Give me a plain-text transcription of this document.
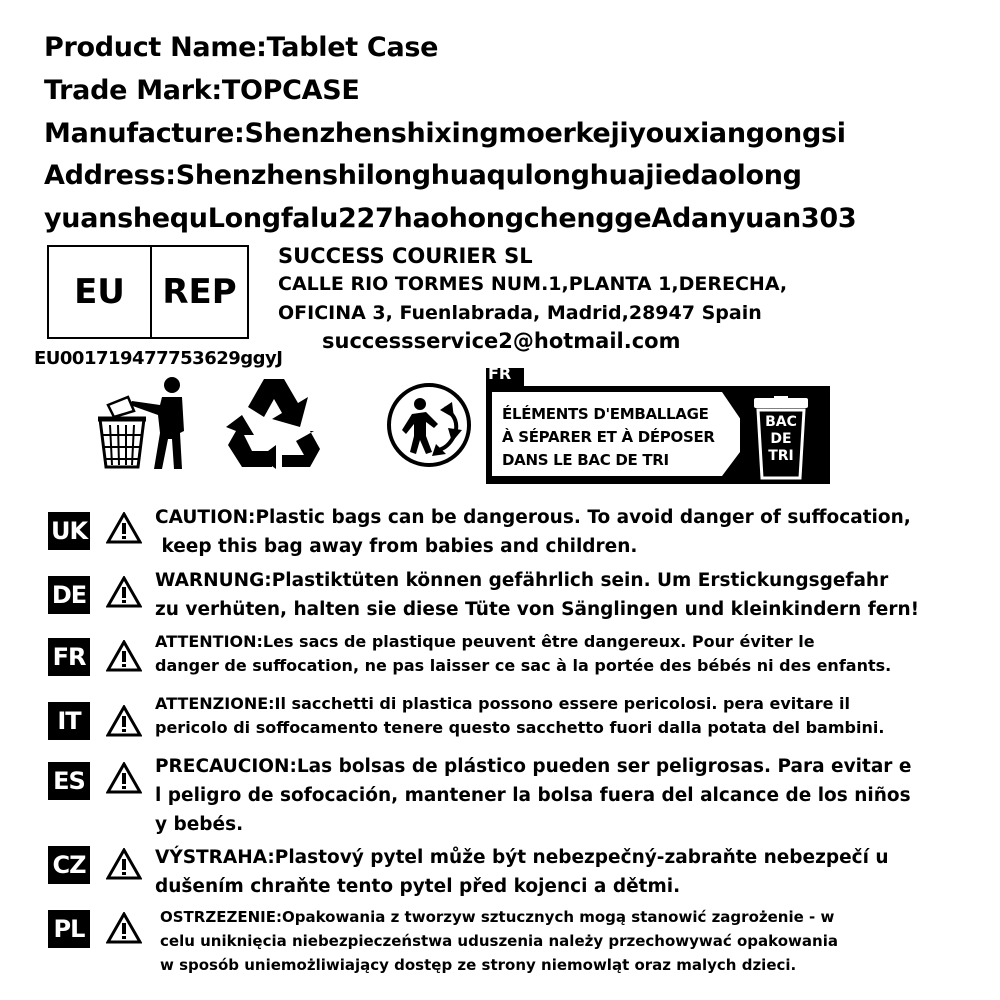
Product Name:Tablet Case
Trade Mark:TOPCASE
Manufacture:Shenzhenshixingmoerkejiyouxiangongsi
Address:Shenzhenshilonghuaqulonghuajiedaolong
yuanshequLongfalu227haohongchenggeAdanyuan303
EU	REP
EU001719477753629ggyJ
SUCCESS COURIER SL
CALLE RIO TORMES NUM.1,PLANTA 1,DERECHA,
OFICINA 3, Fuenlabrada, Madrid,28947 Spain
successservice2@hotmail.com
FR
ÉLÉMENTS D'EMBALLAGE
À SÉPARER ET À DÉPOSER
DANS LE BAC DE TRI
BAC
DE
TRI
UK	CAUTION:Plastic bags can be dangerous. To avoid danger of suffocation,
keep this bag away from babies and children.
DE
WARNUNG:Plastiktüten können gefährlich sein. Um Erstickungsgefahr
zu verhüten, halten sie diese Tüte von Sänglingen und kleinkindern fern!
FR
ATTENTION:Les sacs de plastique peuvent être dangereux. Pour éviter le
danger de suffocation, ne pas laisser ce sac à la portée des bébés ni des enfants.
IT
ATTENZIONE:Il sacchetti di plastica possono essere pericolosi. pera evitare il
pericolo di soffocamento tenere questo sacchetto fuori dalla potata del bambini.
ES
PRECAUCION:Las bolsas de plástico pueden ser peligrosas. Para evitar e
l peligro de sofocación, mantener la bolsa fuera del alcance de los niños
y bebés.
CZ	VÝSTRAHA:Plastový pytel může být nebezpečný-zabraňte nebezpečí u
dušením chraňte tento pytel před kojenci a dětmi.
PL	OSTRZEZENIE:Opakowania z tworzyw sztucznych mogą stanowić zagrożenie - w
celu uniknięcia niebezpieczeństwa uduszenia należy przechowywać opakowania
w sposób uniemożliwiający dostęp ze strony niemowląt oraz malych dzieci.
